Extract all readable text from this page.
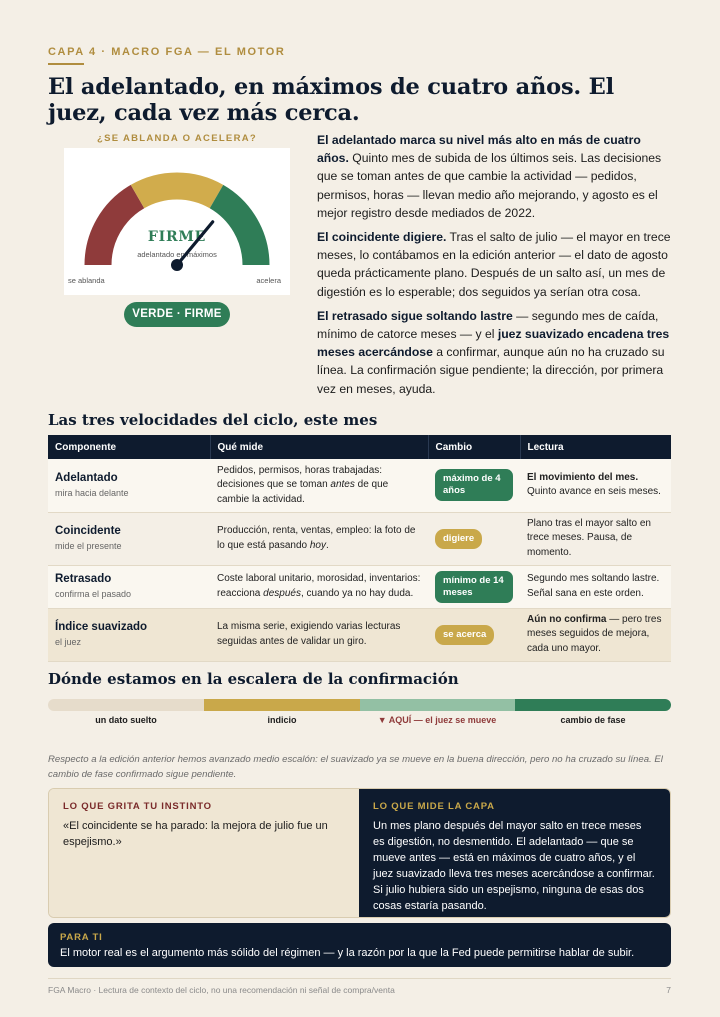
CAPA 4 · MACRO FGA — EL MOTOR
El adelantado, en máximos de cuatro años. El juez, cada vez más cerca.
¿SE ABLANDA O ACELERA?
FIRME
adelantado en máximos
se ablanda	acelera
VERDE · FIRME

El adelantado marca su nivel más alto en más de cuatro años. Quinto mes de subida de los últimos seis. Las decisiones que se toman antes de que cambie la actividad — pedidos, permisos, horas — llevan medio año mejorando, y agosto es el mejor registro desde mediados de 2022.

El coincidente digiere. Tras el salto de julio — el mayor en trece meses, lo contábamos en la edición anterior — el dato de agosto queda prácticamente plano. Después de un salto así, un mes de digestión es lo esperable; dos seguidos ya serían otra cosa.

El retrasado sigue soltando lastre — segundo mes de caída, mínimo de catorce meses — y el juez suavizado encadena tres meses acercándose a confirmar, aunque aún no ha cruzado su línea. La confirmación sigue pendiente; la dirección, por primera vez en meses, ayuda.

Las tres velocidades del ciclo, este mes
Componente	Qué mide	Cambio	Lectura

Adelantado
mira hacia delante	Pedidos, permisos, horas trabajadas: decisiones que se toman antes de que cambie la actividad.	máximo de 4 años	El movimiento del mes. Quinto avance en seis meses.

Coincidente
mide el presente	Producción, renta, ventas, empleo: la foto de lo que está pasando hoy.	digiere	Plano tras el mayor salto en trece meses. Pausa, de momento.

Retrasado
confirma el pasado	Coste laboral unitario, morosidad, inventarios: reacciona después, cuando ya no hay duda.	mínimo de 14 meses	Segundo mes soltando lastre. Señal sana en este orden.

Índice suavizado
el juez	La misma serie, exigiendo varias lecturas seguidas antes de validar un giro.	se acerca	Aún no confirma — pero tres meses seguidos de mejora, cada uno mayor.
Dónde estamos en la escalera de la confirmación
un dato suelto	indicio	▼ AQUÍ — el juez se mueve	cambio de fase
Respecto a la edición anterior hemos avanzado medio escalón: el suavizado ya se mueve en la buena dirección, pero no ha cruzado su línea. El cambio de fase confirmado sigue pendiente.
LO QUE GRITA TU INSTINTO
«El coincidente se ha parado: la mejora de julio fue un espejismo.»
LO QUE MIDE LA CAPA
Un mes plano después del mayor salto en trece meses es digestión, no desmentido. El adelantado — que se mueve antes — está en máximos de cuatro años, y el juez suavizado lleva tres meses acercándose a confirmar. Si julio hubiera sido un espejismo, ninguna de esas dos cosas estaría pasando.
PARA TI
El motor real es el argumento más sólido del régimen — y la razón por la que la Fed puede permitirse hablar de subir.
FGA Macro · Lectura de contexto del ciclo, no una recomendación ni señal de compra/venta	7
